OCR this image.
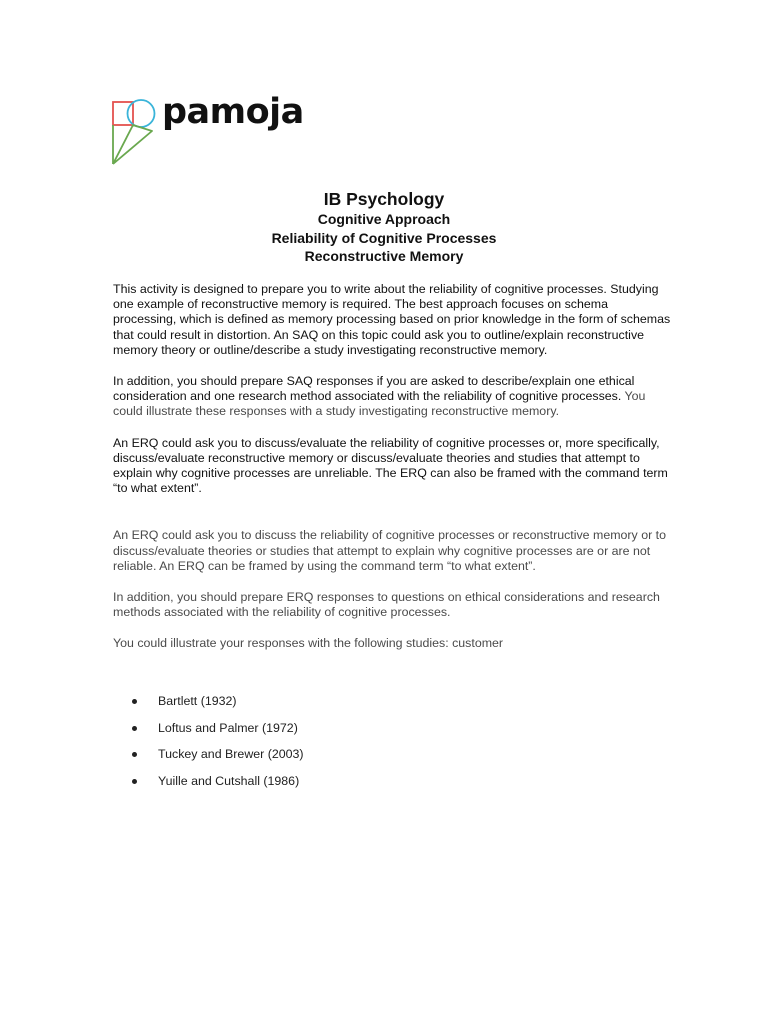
pamoja

IB Psychology

Cognitive Approach

Reliability of Cognitive Processes

Reconstructive Memory

This activity is designed to prepare you to write about the reliability of cognitive processes. Studying one example of reconstructive memory is required. The best approach focuses on schema processing, which is defined as memory processing based on prior knowledge in the form of schemas that could result in distortion. An SAQ on this topic could ask you to outline/explain reconstructive memory theory or outline/describe a study investigating reconstructive memory.

In addition, you should prepare SAQ responses if you are asked to describe/explain one ethical consideration and one research method associated with the reliability of cognitive processes. You could illustrate these responses with a study investigating reconstructive memory.

An ERQ could ask you to discuss/evaluate the reliability of cognitive processes or, more specifically, discuss/evaluate reconstructive memory or discuss/evaluate theories and studies that attempt to explain why cognitive processes are unreliable. The ERQ can also be framed with the command term “to what extent”.

An ERQ could ask you to discuss the reliability of cognitive processes or reconstructive memory or to discuss/evaluate theories or studies that attempt to explain why cognitive processes are or are not reliable. An ERQ can be framed by using the command term “to what extent”.

In addition, you should prepare ERQ responses to questions on ethical considerations and research methods associated with the reliability of cognitive processes.

You could illustrate your responses with the following studies: customer

Bartlett (1932)
Loftus and Palmer (1972)
Tuckey and Brewer (2003)
Yuille and Cutshall (1986)
